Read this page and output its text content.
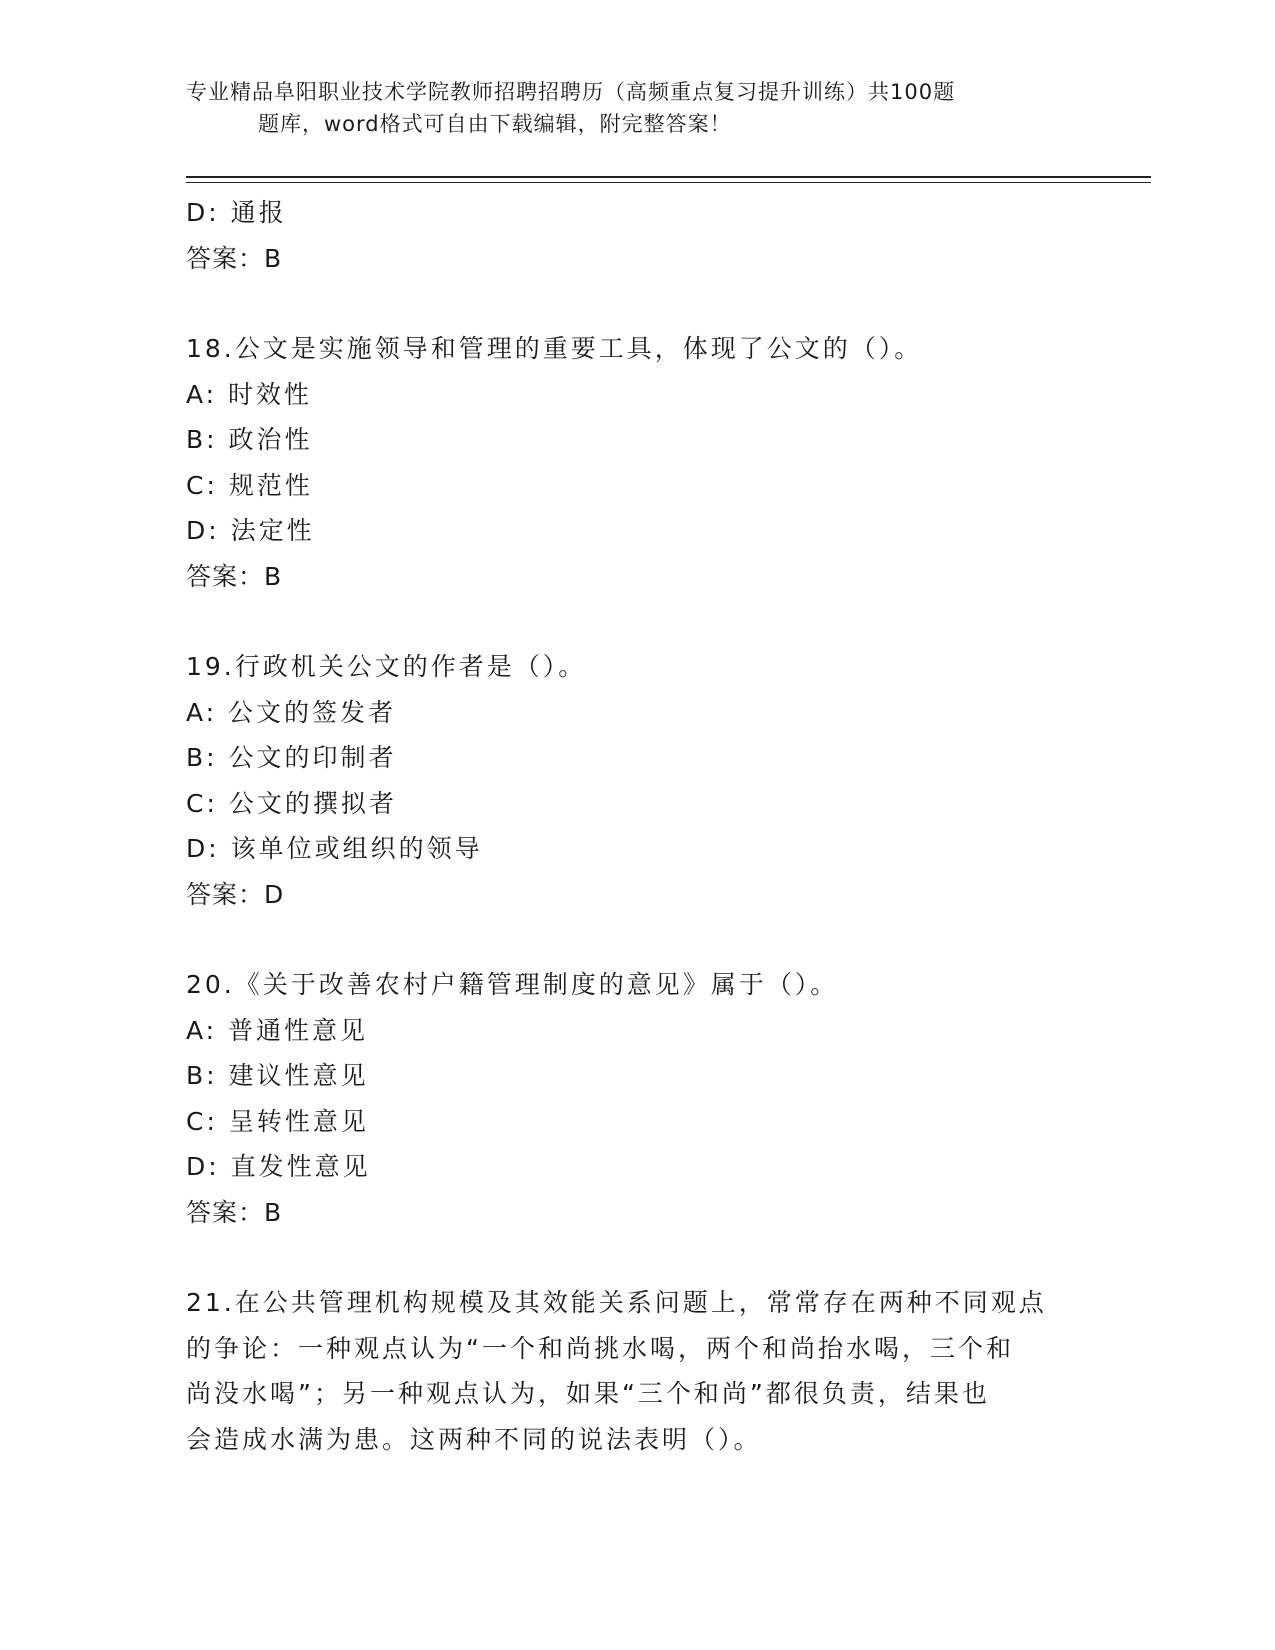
专业精品阜阳职业技术学院教师招聘招聘历（高频重点复习提升训练）共100题
题库，word格式可自由下载编辑，附完整答案！
D: 通报
答案：B
18.公文是实施领导和管理的重要工具，体现了公文的（）。
A: 时效性
B: 政治性
C: 规范性
D: 法定性
答案：B
19.行政机关公文的作者是（）。
A: 公文的签发者
B: 公文的印制者
C: 公文的撰拟者
D: 该单位或组织的领导
答案：D
20.《关于改善农村户籍管理制度的意见》属于（）。
A: 普通性意见
B: 建议性意见
C: 呈转性意见
D: 直发性意见
答案：B
21.在公共管理机构规模及其效能关系问题上，常常存在两种不同观点
的争论：一种观点认为“一个和尚挑水喝，两个和尚抬水喝，三个和
尚没水喝”；另一种观点认为，如果“三个和尚”都很负责，结果也
会造成水满为患。这两种不同的说法表明（）。
